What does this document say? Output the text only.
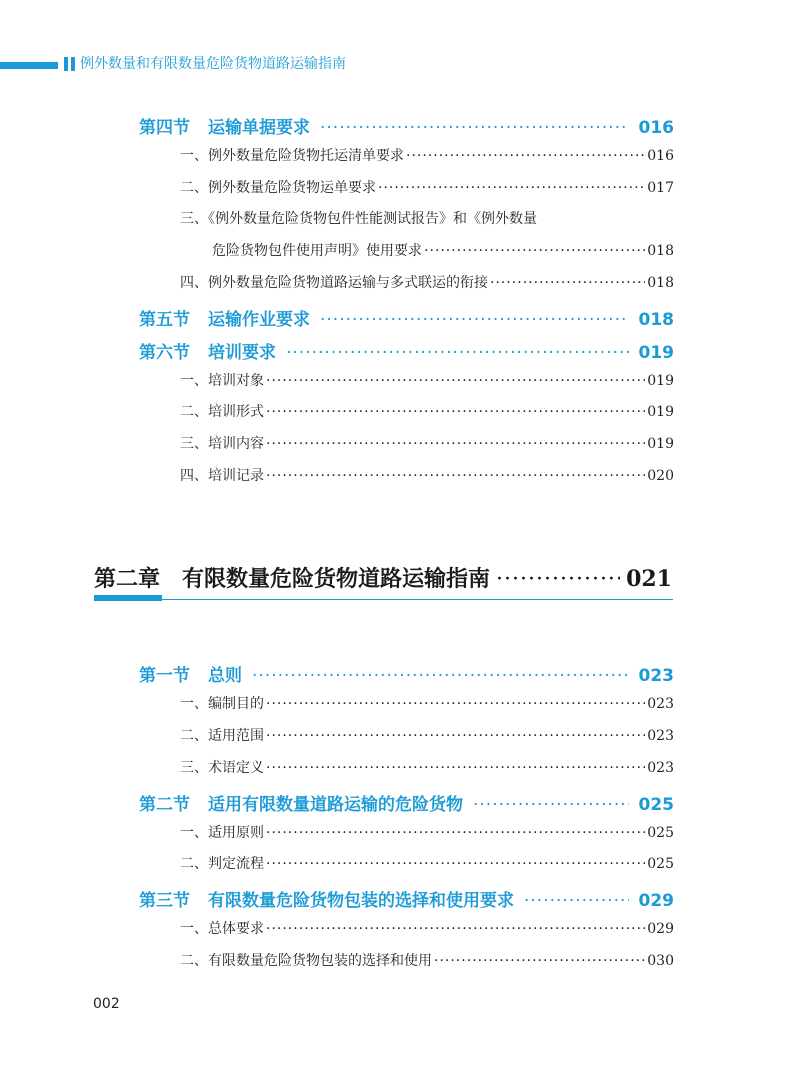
例外数量和有限数量危险货物道路运输指南
第四节 运输单据要求 ·····	016
一、例外数量危险货物托运清单要求 ·····	016
二、例外数量危险货物运单要求 ·····	017
三、《例外数量危险货物包件性能测试报告》和《例外数量
危险货物包件使用声明》使用要求 ·····	018
四、例外数量危险货物道路运输与多式联运的衔接 ·····	018
第五节 运输作业要求 ·····	018
第六节 培训要求 ·····	019
一、培训对象 ·····	019
二、培训形式 ·····	019
三、培训内容 ·····	019
四、培训记录 ·····	020
第二章 有限数量危险货物道路运输指南 ·····	021
第一节 总则 ·····	023
一、编制目的 ·····	023
二、适用范围 ·····	023
三、术语定义 ·····	023
第二节 适用有限数量道路运输的危险货物 ·····	025
一、适用原则 ·····	025
二、判定流程 ·····	025
第三节 有限数量危险货物包装的选择和使用要求 ·····	029
一、总体要求 ·····	029
二、有限数量危险货物包装的选择和使用 ·····	030
002
